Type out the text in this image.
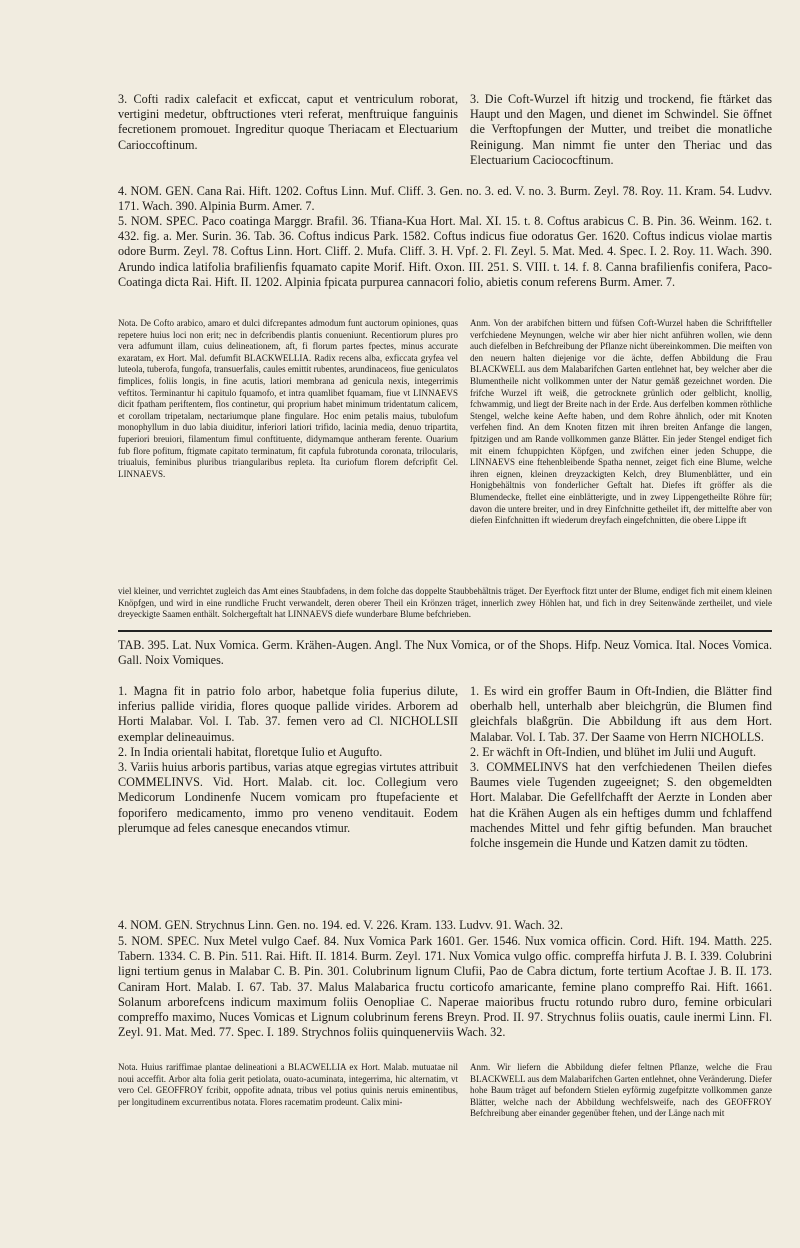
3. Cofti radix calefacit et exficcat, caput et ventriculum roborat, vertigini medetur, obftructiones vteri referat, menftruique fanguinis fecretionem promouet. Ingreditur quoque Theriacam et Electuarium Carioccoftinum.

3. Die Coft-Wurzel ift hitzig und trockend, fie ftärket das Haupt und den Magen, und dienet im Schwindel. Sie öffnet die Verftopfungen der Mutter, und treibet die monatliche Reinigung. Man nimmt fie unter den Theriac und das Electuarium Caciococftinum.

4. NOM. GEN. Cana Rai. Hift. 1202. Coftus Linn. Muf. Cliff. 3. Gen. no. 3. ed. V. no. 3. Burm. Zeyl. 78. Roy. 11. Kram. 54. Ludvv. 171. Wach. 390. Alpinia Burm. Amer. 7.

5. NOM. SPEC. Paco coatinga Marggr. Brafil. 36. Tfiana-Kua Hort. Mal. XI. 15. t. 8. Coftus arabicus C. B. Pin. 36. Weinm. 162. t. 432. fig. a. Mer. Surin. 36. Tab. 36. Coftus indicus Park. 1582. Coftus indicus fiue odoratus Ger. 1620. Coftus indicus violae martis odore Burm. Zeyl. 78. Coftus Linn. Hort. Cliff. 2. Mufa. Cliff. 3. H. Vpf. 2. Fl. Zeyl. 5. Mat. Med. 4. Spec. I. 2. Roy. 11. Wach. 390. Arundo indica latifolia brafilienfis fquamato capite Morif. Hift. Oxon. III. 251. S. VIII. t. 14. f. 8. Canna brafilienfis conifera, Paco-Coatinga dicta Rai. Hift. II. 1202. Alpinia fpicata purpurea cannacori folio, abietis conum referens Burm. Amer. 7.

Nota. De Cofto arabico, amaro et dulci difcrepantes admodum funt auctorum opiniones, quas repetere huius loci non erit; nec in defcribendis plantis conueniunt. Recentiorum plures pro vera adfumunt illam, cuius delineationem, aft, fi florum partes fpectes, minus accurate exaratam, ex Hort. Mal. defumfit BLACKWELLIA. Radix recens alba, exficcata gryfea vel luteola, tuberofa, fungofa, transuerfalis, caules emittit rubentes, arundinaceos, fiue geniculatos fimplices, foliis longis, in fine acutis, latiori membrana ad genicula nexis, integerrimis veftitos. Terminantur hi capitulo fquamofo, et intra quamlibet fquamam, fiue vt LINNAEVS dicit fpatham periftentem, flos continetur, qui proprium habet minimum tridentatum calicem, et corollam tripetalam, nectariumque plane fingulare. Hoc enim petalis maius, tubulofum monophyllum in duo labia diuiditur, inferiori latiori trifido, lacinia media, denuo tripartita, fuperiori breuiori, filamentum fimul conftituente, didymamque antheram ferente. Ouarium fub flore pofitum, ftigmate capitato terminatum, fit capfula fubrotunda coronata, trilocularis, triualuis, feminibus pluribus triangularibus repleta. Ita curiofum florem defcripfit Cel. LINNAEVS.

Anm. Von der arabifchen bittern und füfsen Coft-Wurzel haben die Schriftfteller verfchiedene Meynungen, welche wir aber hier nicht anführen wollen, wie denn auch diefelben in Befchreibung der Pflanze nicht übereinkommen. Die meiften von den neuern halten diejenige vor die ächte, deffen Abbildung die Frau BLACKWELL aus dem Malabarifchen Garten entlehnet hat, bey welcher aber die Blumentheile nicht vollkommen unter der Natur gemäß gezeichnet worden. Die frifche Wurzel ift weiß, die getrocknete grünlich oder gelblicht, knollig, fchwammig, und liegt der Breite nach in der Erde. Aus derfelben kommen röthliche Stengel, welche keine Aefte haben, und dem Rohre ähnlich, oder mit Knoten verfehen find. An dem Knoten fitzen mit ihren breiten Anfange die langen, fpitzigen und am Rande vollkommen ganze Blätter. Ein jeder Stengel endiget fich mit einem fchuppichten Köpfgen, und zwifchen einer jeden Schuppe, die LINNAEVS eine ftehenbleibende Spatha nennet, zeiget fich eine Blume, welche ihren eignen, kleinen dreyzackigten Kelch, drey Blumenblätter, und ein Honigbehältnis von fonderlicher Geftalt hat. Diefes ift gröffer als die Blumendecke, ftellet eine einblätterigte, und in zwey Lippengetheilte Röhre für; davon die untere breiter, und in drey Einfchnitte getheilet ift, der mittelfte aber von diefen Einfchnitten ift wiederum dreyfach eingefchnitten, die obere Lippe ift

viel kleiner, und verrichtet zugleich das Amt eines Staubfadens, in dem folche das doppelte Staubbehältnis träget. Der Eyerftock fitzt unter der Blume, endiget fich mit einem kleinen Knöpfgen, und wird in eine rundliche Frucht verwandelt, deren oberer Theil ein Krönzen träget, innerlich zwey Höhlen hat, und fich in drey Seitenwände zertheilet, und viele dreyeckigte Saamen enthält. Solchergeftalt hat LINNAEVS diefe wunderbare Blume befchrieben.

TAB. 395. Lat. Nux Vomica. Germ. Krähen-Augen. Angl. The Nux Vomica, or of the Shops. Hifp. Neuz Vomica. Ital. Noces Vomica. Gall. Noix Vomiques.

1. Magna fit in patrio folo arbor, habetque folia fuperius dilute, inferius pallide viridia, flores quoque pallide virides. Arborem ad Horti Malabar. Vol. I. Tab. 37. femen vero ad Cl. NICHOLLSII exemplar delineauimus.

2. In India orientali habitat, floretque Iulio et Augufto.

3. Variis huius arboris partibus, varias atque egregias virtutes attribuit COMMELINVS. Vid. Hort. Malab. cit. loc. Collegium vero Medicorum Londinenfe Nucem vomicam pro ftupefaciente et foporifero medicamento, immo pro veneno venditauit. Eodem plerumque ad feles canesque enecandos vtimur.

1. Es wird ein groffer Baum in Oft-Indien, die Blätter find oberhalb hell, unterhalb aber bleichgrün, die Blumen find gleichfals blaßgrün. Die Abbildung ift aus dem Hort. Malabar. Vol. I. Tab. 37. Der Saame von Herrn NICHOLLS.

2. Er wächft in Oft-Indien, und blühet im Julii und Auguft.

3. COMMELINVS hat den verfchiedenen Theilen diefes Baumes viele Tugenden zugeeignet; S. den obgemeldten Hort. Malabar. Die Gefellfchafft der Aerzte in Londen aber hat die Krähen Augen als ein heftiges dumm und fchlaffend machendes Mittel und fehr giftig befunden. Man brauchet folche insgemein die Hunde und Katzen damit zu tödten.

4. NOM. GEN. Strychnus Linn. Gen. no. 194. ed. V. 226. Kram. 133. Ludvv. 91. Wach. 32.

5. NOM. SPEC. Nux Metel vulgo Caef. 84. Nux Vomica Park 1601. Ger. 1546. Nux vomica officin. Cord. Hift. 194. Matth. 225. Tabern. 1334. C. B. Pin. 511. Rai. Hift. II. 1814. Burm. Zeyl. 171. Nux Vomica vulgo offic. compreffa hirfuta J. B. I. 339. Colubrini ligni tertium genus in Malabar C. B. Pin. 301. Colubrinum lignum Clufii, Pao de Cabra dictum, forte tertium Acoftae J. B. II. 173. Caniram Hort. Malab. I. 67. Tab. 37. Malus Malabarica fructu corticofo amaricante, femine plano compreffo Rai. Hift. 1661. Solanum arborefcens indicum maximum foliis Oenopliae C. Naperae maioribus fructu rotundo rubro duro, femine orbiculari compreffo maximo, Nuces Vomicas et Lignum colubrinum ferens Breyn. Prod. II. 97. Strychnus foliis ouatis, caule inermi Linn. Fl. Zeyl. 91. Mat. Med. 77. Spec. I. 189. Strychnos foliis quinquenerviis Wach. 32.

Nota. Huius rariffimae plantae delineationi a BLACWELLIA ex Hort. Malab. mutuatae nil noui acceffit. Arbor alta folia gerit petiolata, ouato-acuminata, integerrima, hic alternatim, vt vero Cel. GEOFFROY fcribit, oppofite adnata, tribus vel potius quinis neruis eminentibus, per longitudinem excurrentibus notata. Flores racematim prodeunt. Calix mini-

Anm. Wir liefern die Abbildung diefer feltnen Pflanze, welche die Frau BLACKWELL aus dem Malabarifchen Garten entlehnet, ohne Veränderung. Diefer hohe Baum träget auf befondern Stielen eyförmig zugefpitzte vollkommen ganze Blätter, welche nach der Abbildung wechfelsweife, nach des GEOFFROY Befchreibung aber einander gegenüber ftehen, und der Länge nach mit
